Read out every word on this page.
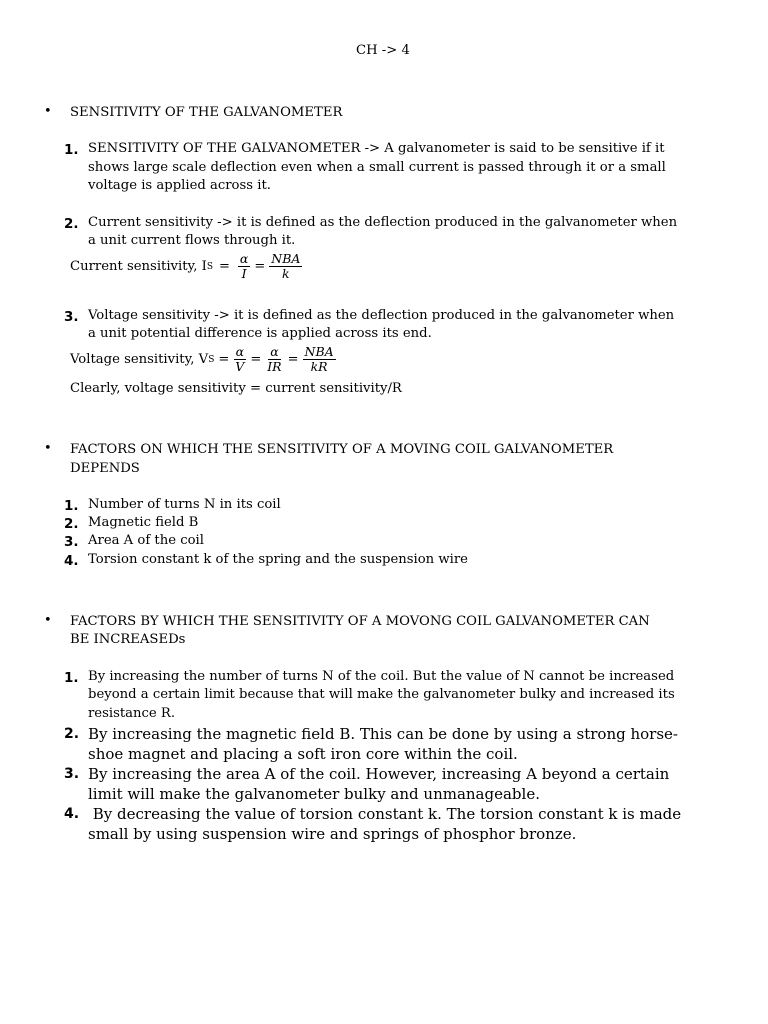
CH -> 4
• SENSITIVITY OF THE GALVANOMETER
1. SENSITIVITY OF THE GALVANOMETER -> A galvanometer is said to be sensitive if it
shows large scale deflection even when a small current is passed through it or a small
voltage is applied across it.
2. Current sensitivity -> it is defined as the deflection produced in the galvanometer when
a unit current flows through it.
Current sensitivity, I $S = \frac{\alpha}{I} = \frac{\text{NBA}}{k}$
3. Voltage sensitivity -> it is defined as the deflection produced in the galvanometer when
a unit potential difference is applied across its end.
Voltage sensitivity, V $S = \frac{\alpha}{V} = \frac{\alpha}{IR} = \frac{\text{NBA}}{kR}$
Clearly, voltage sensitivity = current sensitivity/R
• FACTORS ON WHICH THE SENSITIVITY OF A MOVING COIL GALVANOMETER
DEPENDS
1. Number of turns N in its coil
2. Magnetic field B
3. Area A of the coil
4. Torsion constant k of the spring and the suspension wire
• FACTORS BY WHICH THE SENSITIVITY OF A MOVONG COIL GALVANOMETER CAN
BE INCREASEDs
1. By increasing the number of turns N of the coil. But the value of N cannot be increased
beyond a certain limit because that will make the galvanometer bulky and increased its
resistance R.
2. By increasing the magnetic field B. This can be done by using a strong horse-
shoe magnet and placing a soft iron core within the coil.
3. By increasing the area A of the coil. However, increasing A beyond a certain
limit will make the galvanometer bulky and unmanageable.
4. By decreasing the value of torsion constant k. The torsion constant k is made
small by using suspension wire and springs of phosphor bronze.
